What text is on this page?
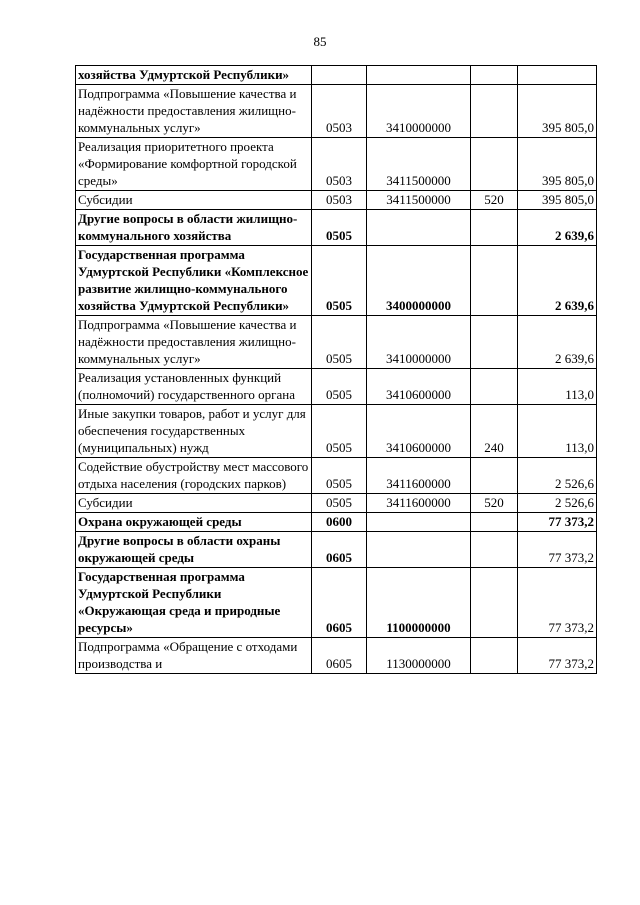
85
хозяйства Удмуртской Республики»				
Подпрограмма «Повышение качества и надёжности предоставления жилищно-коммунальных услуг»	0503	3410000000		395 805,0
Реализация приоритетного проекта «Формирование комфортной городской среды»	0503	3411500000		395 805,0
Субсидии	0503	3411500000	520	395 805,0
Другие вопросы в области жилищно-коммунального хозяйства	0505			2 639,6
Государственная программа Удмуртской Республики «Комплексное развитие жилищно-коммунального хозяйства Удмуртской Республики»	0505	3400000000		2 639,6
Подпрограмма «Повышение качества и надёжности предоставления жилищно-коммунальных услуг»	0505	3410000000		2 639,6
Реализация установленных функций (полномочий) государственного органа	0505	3410600000		113,0
Иные закупки товаров, работ и услуг для обеспечения государственных (муниципальных) нужд	0505	3410600000	240	113,0
Содействие обустройству мест массового отдыха населения (городских парков)	0505	3411600000		2 526,6
Субсидии	0505	3411600000	520	2 526,6
Охрана окружающей среды	0600			77 373,2
Другие вопросы в области охраны окружающей среды	0605			77 373,2
Государственная программа Удмуртской Республики «Окружающая среда и природные ресурсы»	0605	1100000000		77 373,2
Подпрограмма «Обращение с отходами производства и	0605	1130000000		77 373,2
